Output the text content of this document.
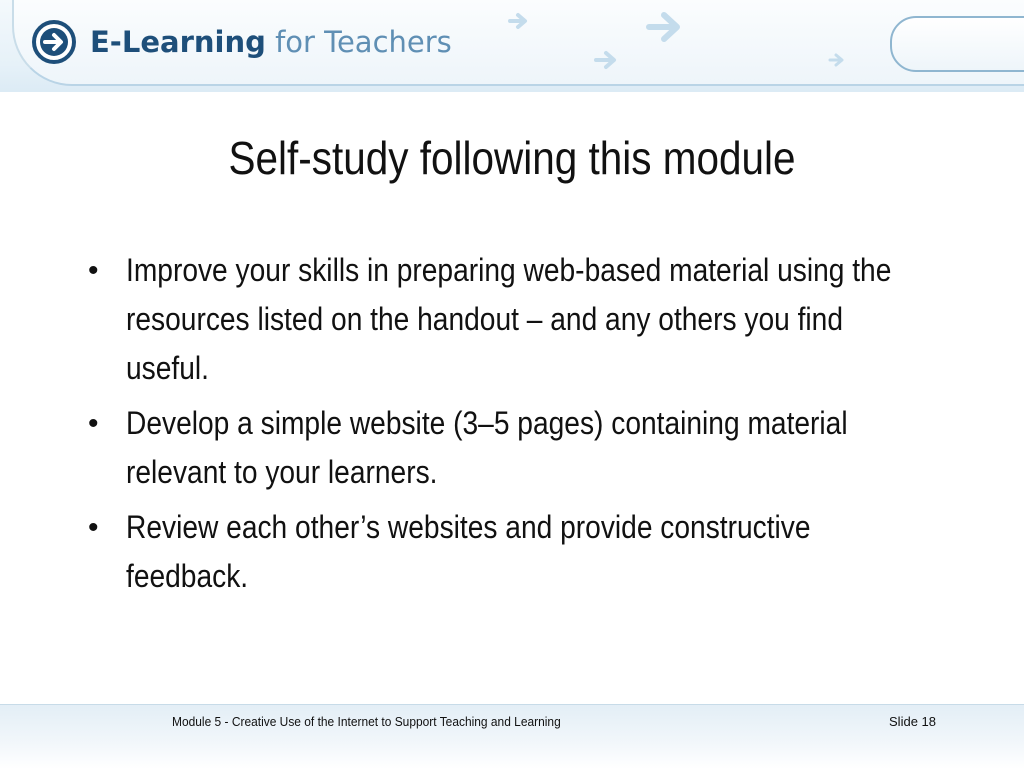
E-Learning for Teachers
Self-study following this module
• Improve your skills in preparing web-based material using the resources listed on the handout – and any others you find useful.
• Develop a simple website (3–5 pages) containing material relevant to your learners.
• Review each other’s websites and provide constructive feedback.
Module 5 - Creative Use of the Internet to Support Teaching and Learning	Slide 18
